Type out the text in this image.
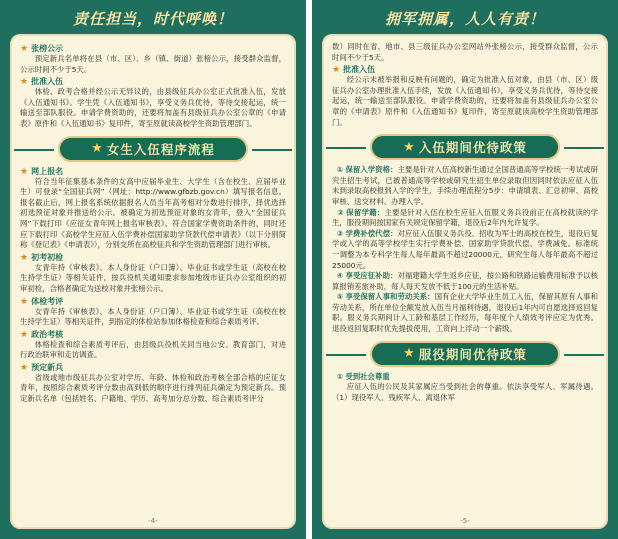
责任担当，时代呼唤！
★ 张榜公示
预定新兵名单将在县（市、区）、乡（镇、街道）张榜公示，接受群众监督，公示时间不少于5天。
★ 批准入伍
体检、政考合格并经公示无异议的，由县级征兵办公室正式批准入伍，发放《入伍通知书》。学生凭《入伍通知书》，享受义务兵优待，等待交接起运，统一输送至部队服役。申请学费资助的，还要将加盖有县级征兵办公室公章的《申请表》原件和《入伍通知书》复印件，寄至原就读高校学生资助管理部门。
★ 女生入伍程序流程
★ 网上报名
符合当年征集基本条件的女高中应届毕业生、大学生（含在校生、应届毕业生）可登录“全国征兵网”（网址：http://www.gfbzb.gov.cn）填写报名信息。报名截止后，网上报名系统依据报名人员当年高考相对分数进行排序，择优选择初选预征对象并推送给公示。被确定为初选预征对象的女青年，登入“全国征兵网”下载打印《应征女青年网上报名审核表》。符合国家学费资助条件的，同时还应下载打印《高校学生应征入伍学费补偿国家助学贷款代偿申请表》（以下分别简称《登记表》《申请表》），分别交所在高校征兵和学生资助管理部门进行审核。
★ 初考初检
女青年持《审核表》、本人身份证（户口簿）、毕业证书或学生证（高校在校生持学生证）等相关证件，按兵役机关通知要求参加地级市征兵办公室组织的初审初检，合格者确定为送校对象并张榜公示。
★ 体检考评
女青年持《审核表》、本人身份证（户口簿）、毕业证书或学生证（高校在校生持学生证）等相关证件，到指定的体检站参加体格检查和综合素质考评。
★ 政治考核
体格检查和综合素质考评后，由县级兵役机关同当地公安、教育部门，对进行政治联审和走访调查。
★ 预定新兵
省级或地市级征兵办公室对学历、年龄、体检和政治考核全部合格的应征女青年，按照综合素质考评分数由高到低的顺序进行排列征兵确定为预定新兵。预定新兵名单（包括姓名、户籍地、学历、高考加分总分数、综合素质考评分
-4-
拥军拥属，人人有责！
数）同时在省、地市、县三级征兵办公室网站外张榜公示，接受群众监督，公示时间不少于5天。
★ 批准入伍
经公示未被举报和反映有问题的，确定为批准入伍对象，由县（市、区）级征兵办公室办理批准入伍手续，发放《入伍通知书》，享受义务兵优待，等待交接起运，统一输送至部队服役。申请学费资助的，还要将加盖有县级征兵办公室公章的《申请表》原件和《入伍通知书》复印件，寄至原就读高校学生资助管理部门。
★ 入伍期间优待政策
① 保留入学资格：主要是针对入伍高校新生通过全国普通高等学校统一考试或研究生招生考试，已被普通高等学校或研究生招生单位录取但因同时依法应征入伍未到录取高校报到入学的学生，手续办理流程分5步：申请填表、汇总初审、高校审核、送交材料、办理入学。
② 保留学籍：主要是针对入伍在校生应征入伍服义务兵役前正在高校就读的学生，服役期间按国家有关规定保留学籍，退役后2年内允许复学。
③ 学费补偿代偿：对应征入伍服义务兵役、招收为军士的高校在校生，退役后复学或入学的高等学校学生实行学费补偿、国家助学贷款代偿、学费减免。标准统一调整为本专科学生每人每年最高不超过20000元，研究生每人每年最高不超过25000元。
④ 享受应征补助：对福建籍大学生返乡应征，按公路和铁路运输费用标准予以核算报销差旅补助，每人每天发放不低于100元的生活补贴。
⑤ 享受保留人事和劳动关系：国有企业大学毕业生员工入伍，保留其原有人事和劳动关系，所在单位全额发放入伍当月福利待遇，退役后1年内可自愿选择返回复职。服义务兵期间计入工龄和基层工作经历，每年度个人绩效考评应定为优秀。退役返回复职时优先提拔使用，工资向上浮动一个薪级。
★ 服役期间优待政策
① 受到社会尊重
应征入伍的公民及其家属应当受到社会的尊重。依法享受军人、军属待遇。（1）现役军人、残疾军人、离退休军
-5-
